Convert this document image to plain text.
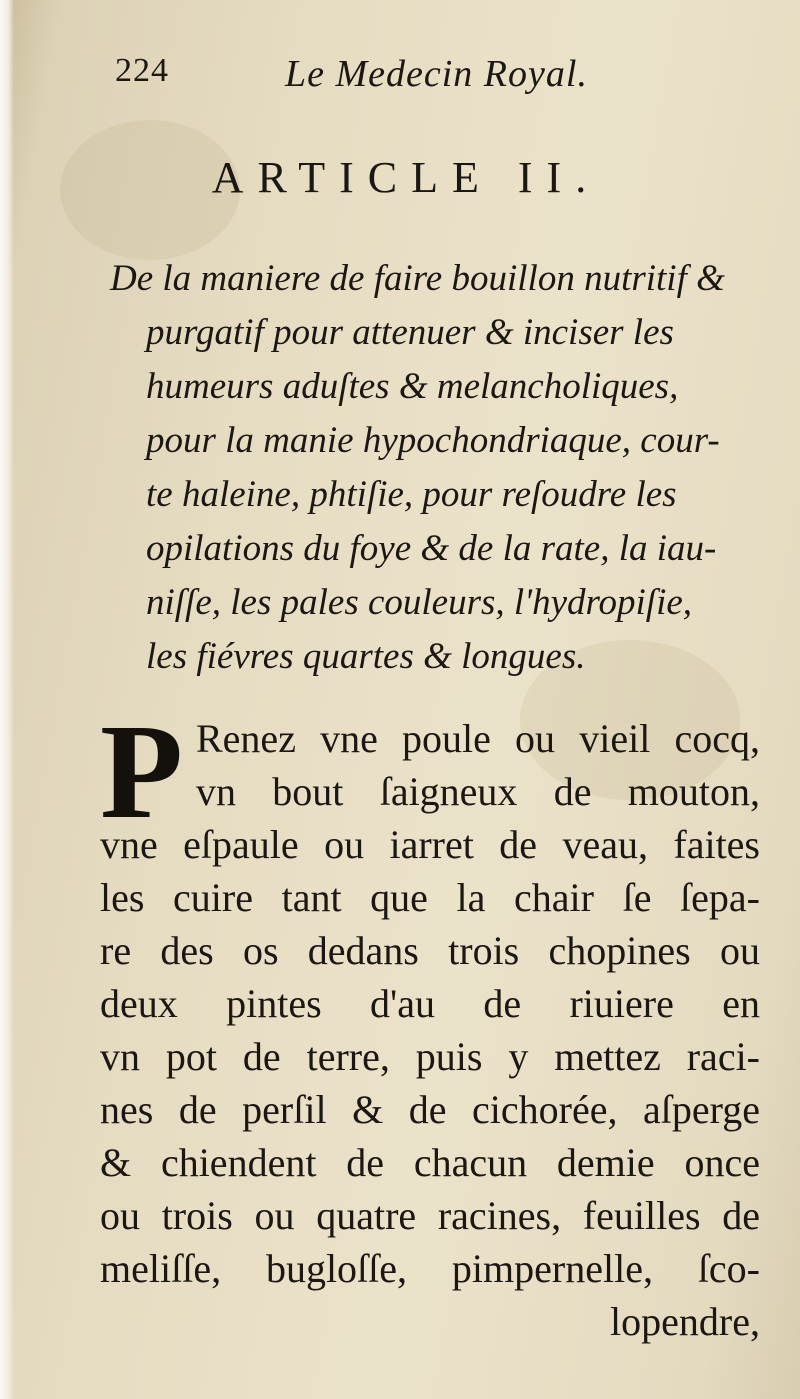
224	Le Medecin Royal.
ARTICLE II.
De la maniere de faire bouillon nutritif &
purgatif pour attenuer & inciser les
humeurs aduſtes & melancholiques,
pour la manie hypochondriaque, cour-
te haleine, phtiſie, pour reſoudre les
opilations du foye & de la rate, la iau-
niſſe, les pales couleurs, l'hydropiſie,
les fiévres quartes & longues.
P Renez vne poule ou vieil cocq,
vn bout ſaigneux de mouton,
vne eſpaule ou iarret de veau, faites
les cuire tant que la chair ſe ſepa-
re des os dedans trois chopines ou
deux pintes d'au de riuiere en
vn pot de terre, puis y mettez raci-
nes de perſil & de cichorée, aſperge
& chiendent de chacun demie once
ou trois ou quatre racines, feuilles de
meliſſe, bugloſſe, pimpernelle, ſco-
lopendre,
